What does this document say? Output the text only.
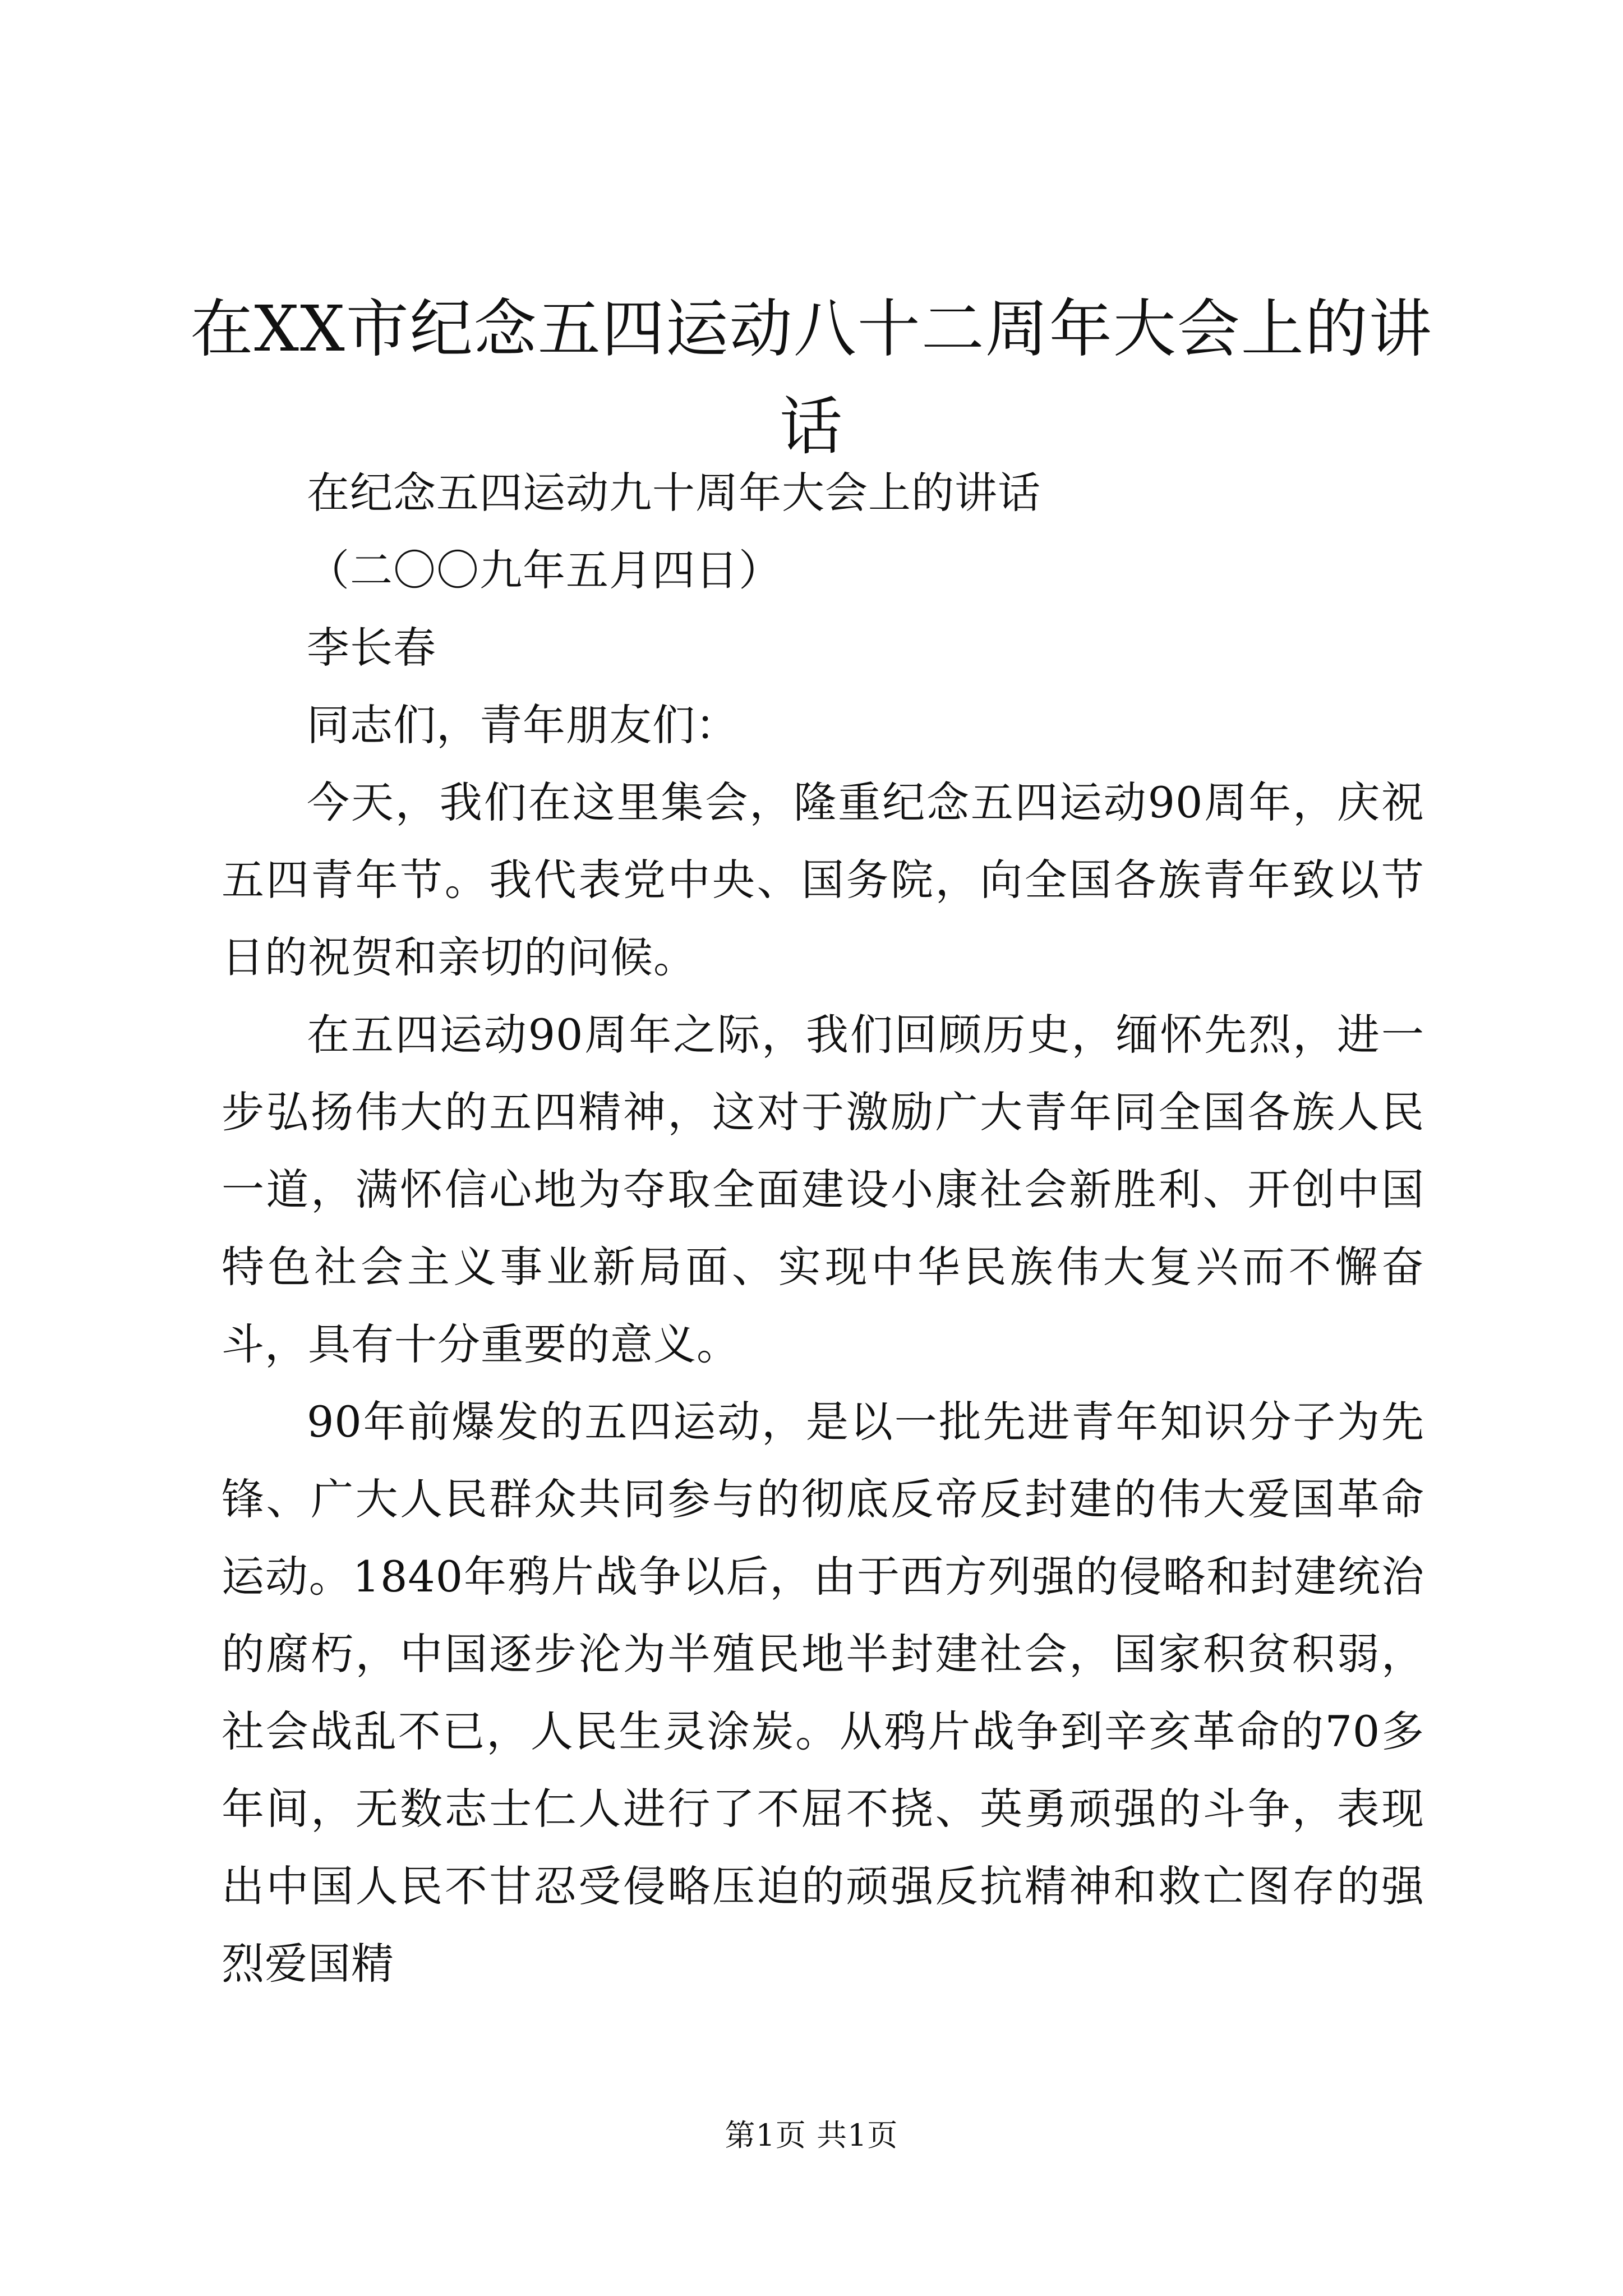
在XX市纪念五四运动八十二周年大会上的讲话

在纪念五四运动九十周年大会上的讲话

（二〇〇九年五月四日）

李长春

同志们，青年朋友们：

今天，我们在这里集会，隆重纪念五四运动90周年，庆祝五四青年节。我代表党中央、国务院，向全国各族青年致以节日的祝贺和亲切的问候。

在五四运动90周年之际，我们回顾历史，缅怀先烈，进一步弘扬伟大的五四精神，这对于激励广大青年同全国各族人民一道，满怀信心地为夺取全面建设小康社会新胜利、开创中国特色社会主义事业新局面、实现中华民族伟大复兴而不懈奋斗，具有十分重要的意义。

90年前爆发的五四运动，是以一批先进青年知识分子为先锋、广大人民群众共同参与的彻底反帝反封建的伟大爱国革命运动。1840年鸦片战争以后，由于西方列强的侵略和封建统治的腐朽，中国逐步沦为半殖民地半封建社会，国家积贫积弱，社会战乱不已，人民生灵涂炭。从鸦片战争到辛亥革命的70多年间，无数志士仁人进行了不屈不挠、英勇顽强的斗争，表现出中国人民不甘忍受侵略压迫的顽强反抗精神和救亡图存的强烈爱国精

第1页 共1页
